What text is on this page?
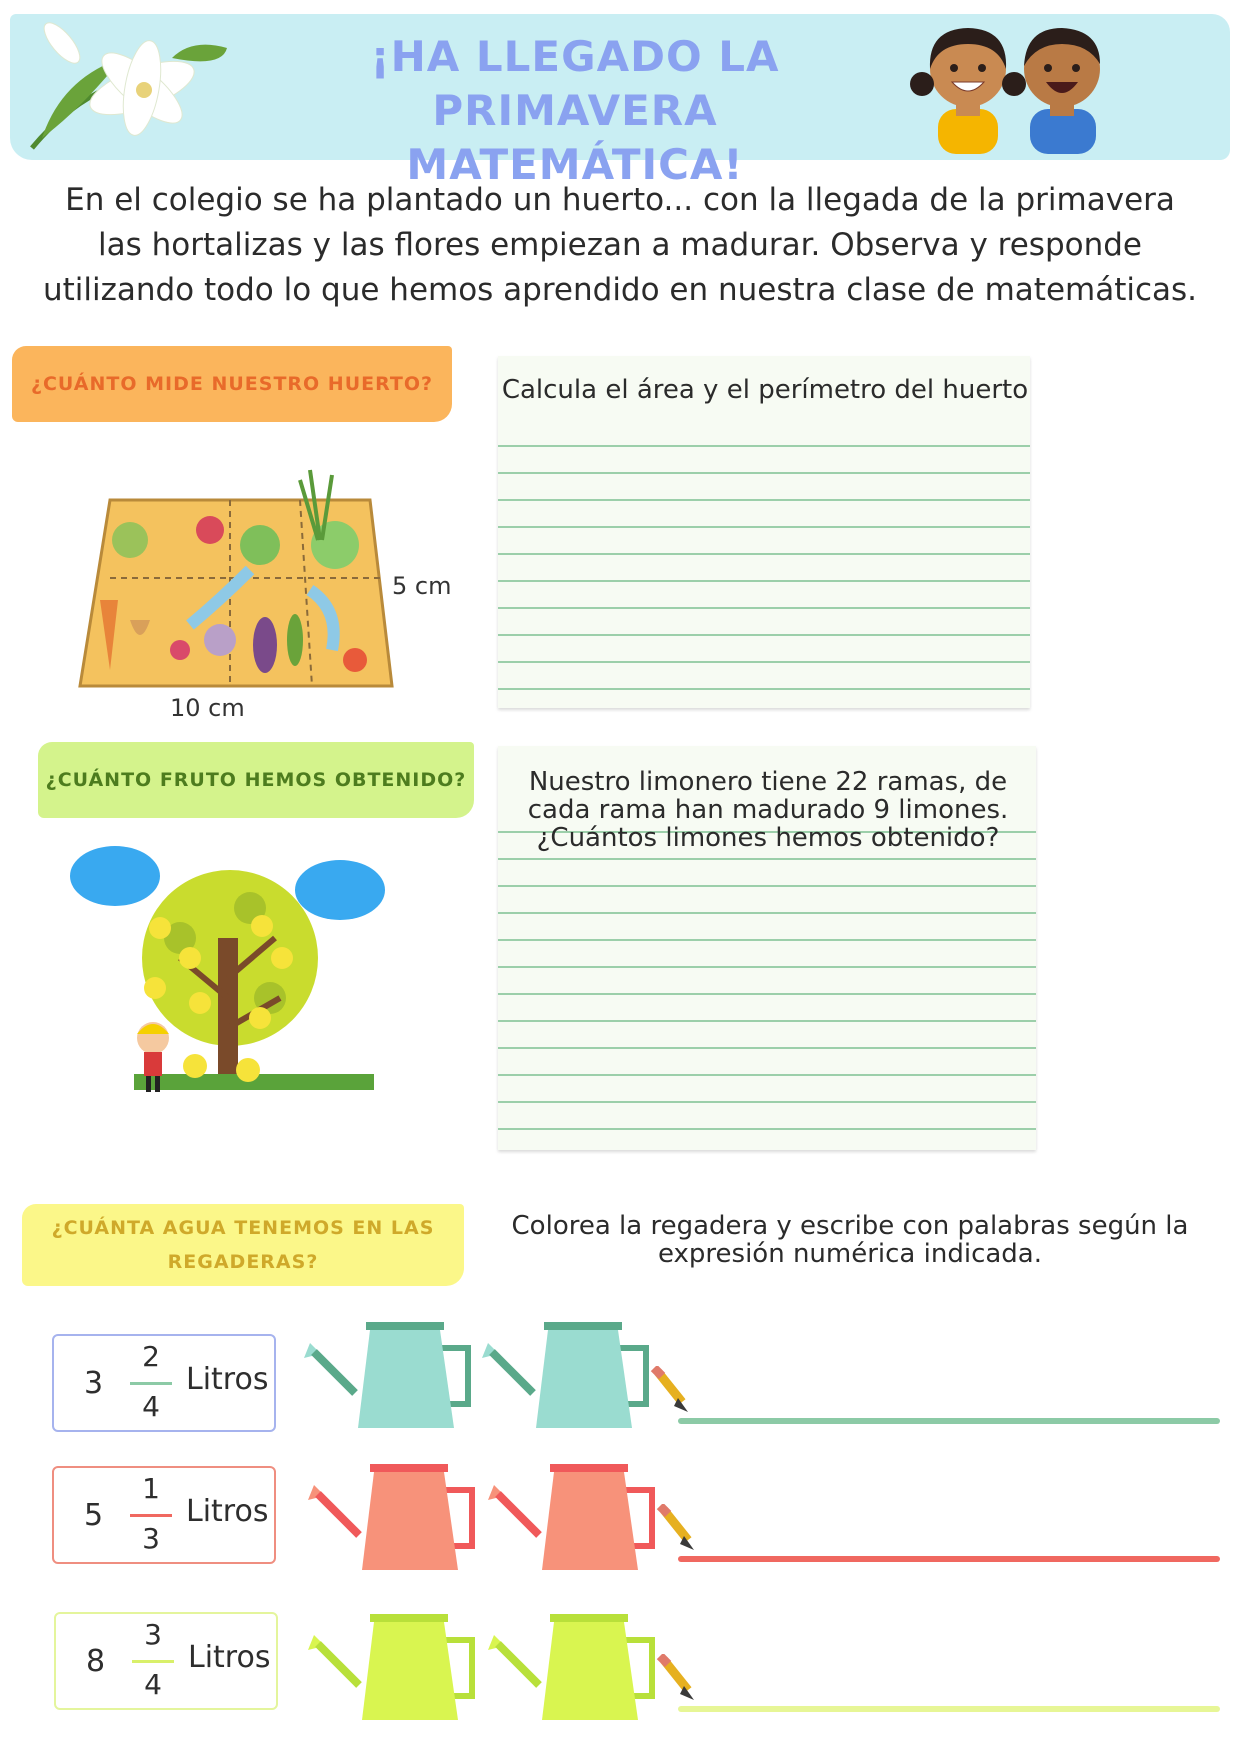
¡HA LLEGADO LA PRIMAVERA
MATEMÁTICA!
En el colegio se ha plantado un huerto... con la llegada de la primavera las hortalizas y las flores empiezan a madurar. Observa y responde utilizando todo lo que hemos aprendido en nuestra clase de matemáticas.
¿CUÁNTO MIDE NUESTRO HUERTO?
5 cm
10 cm
Calcula el área y el perímetro del huerto
¿CUÁNTO FRUTO HEMOS OBTENIDO?	Nuestro limonero tiene 22 ramas, de
cada rama han madurado 9 limones.
¿Cuántos limones hemos obtenido?
¿CUÁNTA AGUA TENEMOS EN LAS
REGADERAS?
Colorea la regadera y escribe con palabras según la
expresión numérica indicada.
3
2
4
Litros
5
1
3
Litros
8
3
4
Litros
